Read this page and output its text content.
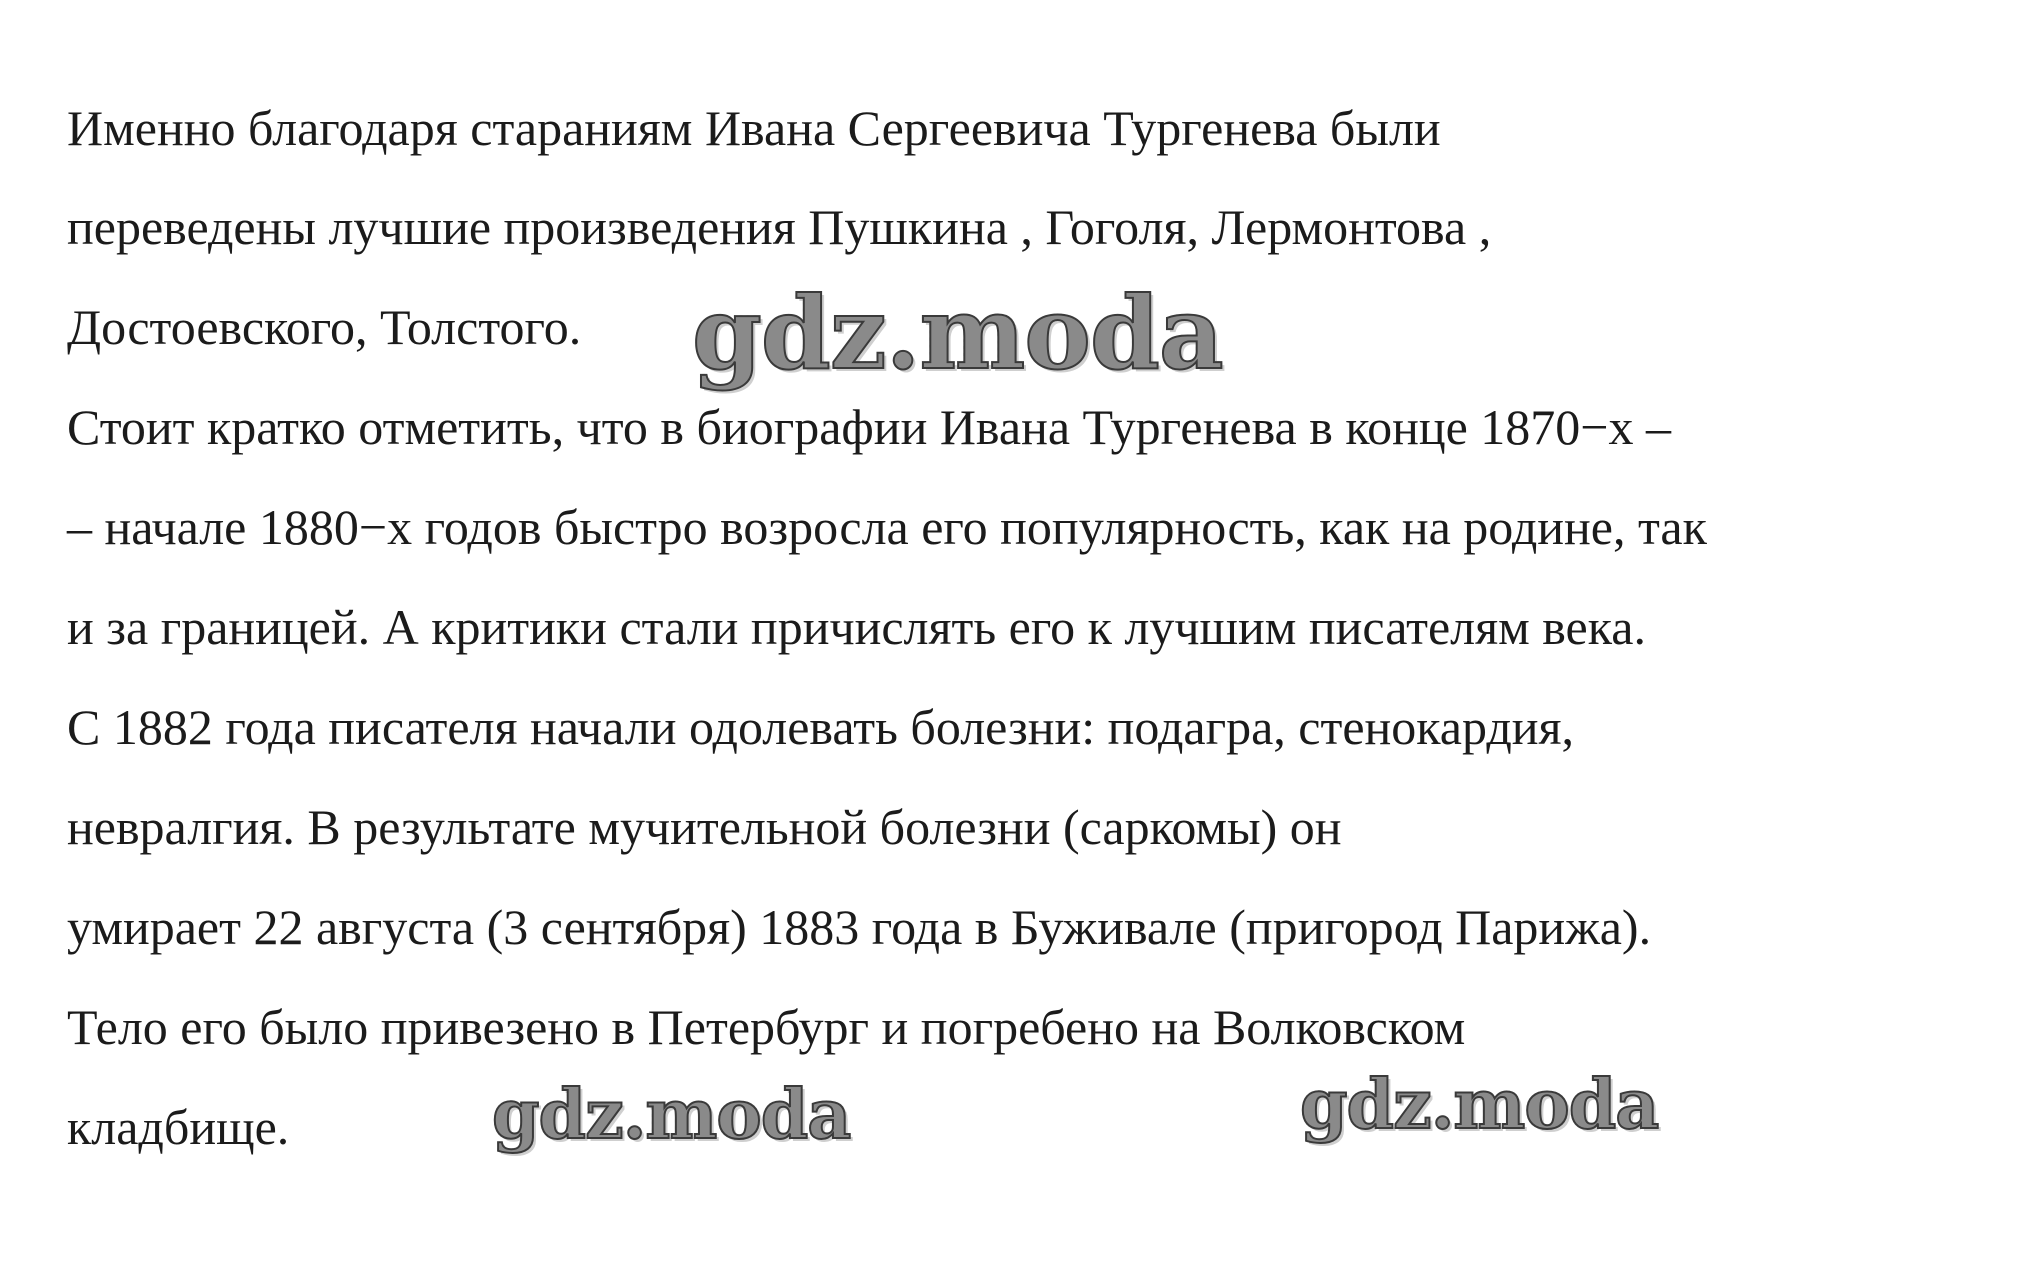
Именно благодаря стараниям Ивана Сергеевича Тургенева были

переведены лучшие произведения Пушкина , Гоголя, Лермонтова ,

Достоевского, Толстого.

Стоит кратко отметить, что в биографии Ивана Тургенева в конце 1870−х –

– начале 1880−х годов быстро возросла его популярность, как на родине, так

и за границей. А критики стали причислять его к лучшим писателям века.

С 1882 года писателя начали одолевать болезни: подагра, стенокардия,

невралгия. В результате мучительной болезни (саркомы) он

умирает 22 августа (3 сентября) 1883 года в Буживале (пригород Парижа).

Тело его было привезено в Петербург и погребено на Волковском

кладбище.

gdz.moda
gdz.moda	gdz.moda
